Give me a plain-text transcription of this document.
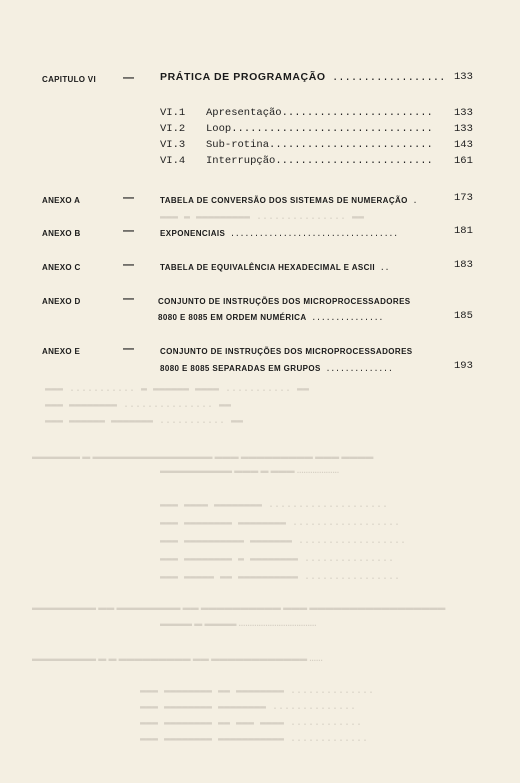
▬▬▬ ▬ ▬▬▬▬▬▬▬▬▬ ............... ▬▬
▬▬▬ ........... ▬ ▬▬▬▬▬▬ ▬▬▬▬ ........... ▬▬
▬▬▬ ▬▬▬▬▬▬▬▬ ............... ▬▬
▬▬▬ ▬▬▬▬▬▬ ▬▬▬▬▬▬▬ ........... ▬▬
▬▬▬▬▬▬ ▬ ▬▬▬▬▬▬▬▬▬▬▬▬▬▬▬ ▬▬▬ ▬▬▬▬▬▬▬▬▬ ▬▬▬ ▬▬▬▬
▬▬▬▬▬▬▬▬▬ ▬▬▬ ▬ ▬▬▬ ...................
▬▬▬ ▬▬▬▬ ▬▬▬▬▬▬▬▬ ....................
▬▬▬ ▬▬▬▬▬▬▬▬ ▬▬▬▬▬▬▬▬ ..................
▬▬▬ ▬▬▬▬▬▬▬▬▬▬ ▬▬▬▬▬▬▬ ..................
▬▬▬ ▬▬▬▬▬▬▬▬ ▬ ▬▬▬▬▬▬▬▬ ...............
▬▬▬ ▬▬▬▬▬ ▬▬ ▬▬▬▬▬▬▬▬▬▬ ................
▬▬▬▬▬▬▬▬ ▬▬ ▬▬▬▬▬▬▬▬ ▬▬ ▬▬▬▬▬▬▬▬▬▬ ▬▬▬ ▬▬▬▬▬▬▬▬▬▬▬▬▬▬▬▬▬
▬▬▬▬ ▬ ▬▬▬▬ ...................................
▬▬▬▬▬▬▬▬ ▬ ▬ ▬▬▬▬▬▬▬▬▬ ▬▬ ▬▬▬▬▬▬▬▬▬▬▬▬ ......
▬▬▬ ▬▬▬▬▬▬▬▬ ▬▬ ▬▬▬▬▬▬▬▬ ..............
▬▬▬ ▬▬▬▬▬▬▬▬ ▬▬▬▬▬▬▬▬ ..............
▬▬▬ ▬▬▬▬▬▬▬▬ ▬▬ ▬▬▬ ▬▬▬▬ ............
▬▬▬ ▬▬▬▬▬▬▬▬ ▬▬▬▬▬▬▬▬▬▬▬ .............
CAPITULO VI — PRÁTICA DE PROGRAMAÇÃO .................. 133
VI.1 Apresentação........................ 133
VI.2 Loop................................ 133
VI.3 Sub-rotina.......................... 143
VI.4 Interrupção......................... 161
ANEXO A	—	TABELA DE CONVERSÃO DOS SISTEMAS DE NUMERAÇÃO .	173
ANEXO B	—	EXPONENCIAIS ...................................	181
ANEXO C	—	TABELA DE EQUIVALÊNCIA HEXADECIMAL E ASCII ..	183
ANEXO D	—	CONJUNTO DE INSTRUÇÕES DOS MICROPROCESSADORES
8080 E 8085 EM ORDEM NUMÉRICA ...............	185
ANEXO E	—	CONJUNTO DE INSTRUÇÕES DOS MICROPROCESSADORES
8080 E 8085 SEPARADAS EM GRUPOS ..............	193
